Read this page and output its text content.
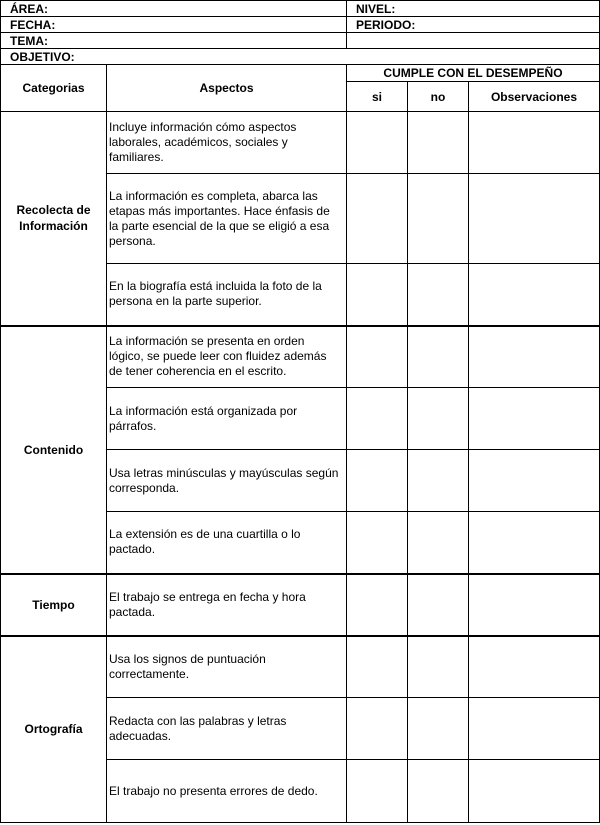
ÁREA:	NIVEL:
FECHA:	PERIODO:
TEMA:	
OBJETIVO:	
Categorias	Aspectos	CUMPLE CON EL DESEMPEÑO		
		si	no	Observaciones
Recolecta de Información	Incluye información cómo aspectos laborales, académicos, sociales y familiares.			
	La información es completa, abarca las etapas más importantes. Hace énfasis de la parte esencial de la que se eligió a esa persona.			
	En la biografía está incluida la foto de la persona en la parte superior.			
Contenido	La información se presenta en orden lógico, se puede leer con fluidez además de tener coherencia en el escrito.			
	La información está organizada por párrafos.			
	Usa letras minúsculas y mayúsculas según corresponda.			
	La extensión es de una cuartilla o lo pactado.			
Tiempo	El trabajo se entrega en fecha y hora pactada.			
Ortografía	Usa los signos de puntuación correctamente.			
	Redacta con las palabras y letras adecuadas.			
	El trabajo no presenta errores de dedo.			
